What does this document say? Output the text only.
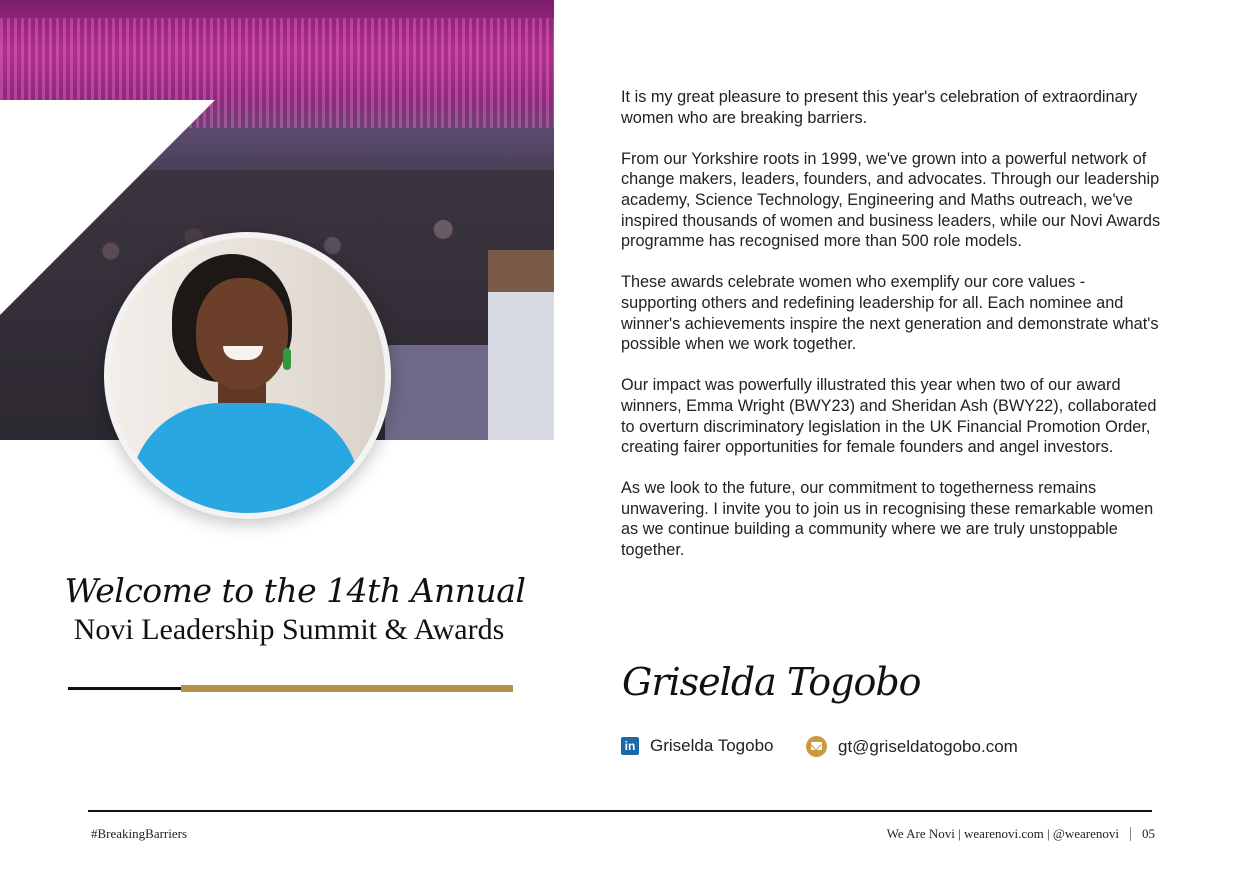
Welcome to the 14th Annual
Novi Leadership Summit & Awards

It is my great pleasure to present this year's celebration of extraordinary women who are breaking barriers.

From our Yorkshire roots in 1999, we've grown into a powerful network of change makers, leaders, founders, and advocates. Through our leadership academy, Science Technology, Engineering and Maths outreach, we've inspired thousands of women and business leaders, while our Novi Awards programme has recognised more than 500 role models.

These awards celebrate women who exemplify our core values - supporting others and redefining leadership for all. Each nominee and winner's achievements inspire the next generation and demonstrate what's possible when we work together.

Our impact was powerfully illustrated this year when two of our award winners, Emma Wright (BWY23) and Sheridan Ash (BWY22), collaborated to overturn discriminatory legislation in the UK Financial Promotion Order, creating fairer opportunities for female founders and angel investors.

As we look to the future, our commitment to togetherness remains unwavering. I invite you to join us in recognising these remarkable women as we continue building a community where we are truly unstoppable together.

Griselda Togobo
in Griselda Togobo	gt@griseldatogobo.com
#BreakingBarriers	We Are Novi | wearenovi.com | @wearenovi 05
